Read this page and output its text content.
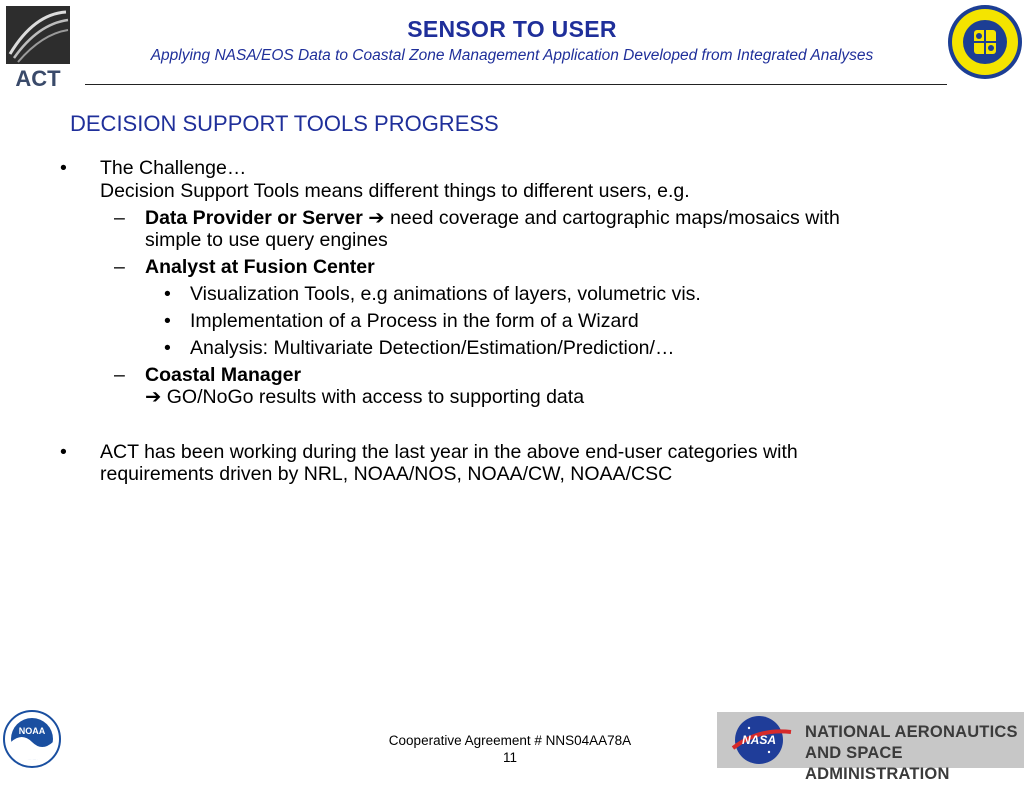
ACT
SENSOR TO USER
Applying NASA/EOS Data to Coastal Zone Management Application Developed from Integrated Analyses
DECISION SUPPORT TOOLS PROGRESS
• The Challenge…
Decision Support Tools means different things to different users, e.g.
– Data Provider or Server ➔ need coverage and cartographic maps/mosaics with
simple to use query engines
– Analyst at Fusion Center
• Visualization Tools, e.g animations of layers, volumetric vis.
• Implementation of a Process in the form of a Wizard
• Analysis: Multivariate Detection/Estimation/Prediction/…
– Coastal Manager
➔ GO/NoGo results with access to supporting data
• ACT has been working during the last year in the above end-user categories with
requirements driven by NRL, NOAA/NOS, NOAA/CW, NOAA/CSC
NOAA
Cooperative Agreement # NNS04AA78A
11
NASA NATIONAL AERONAUTICS
AND SPACE ADMINISTRATION
